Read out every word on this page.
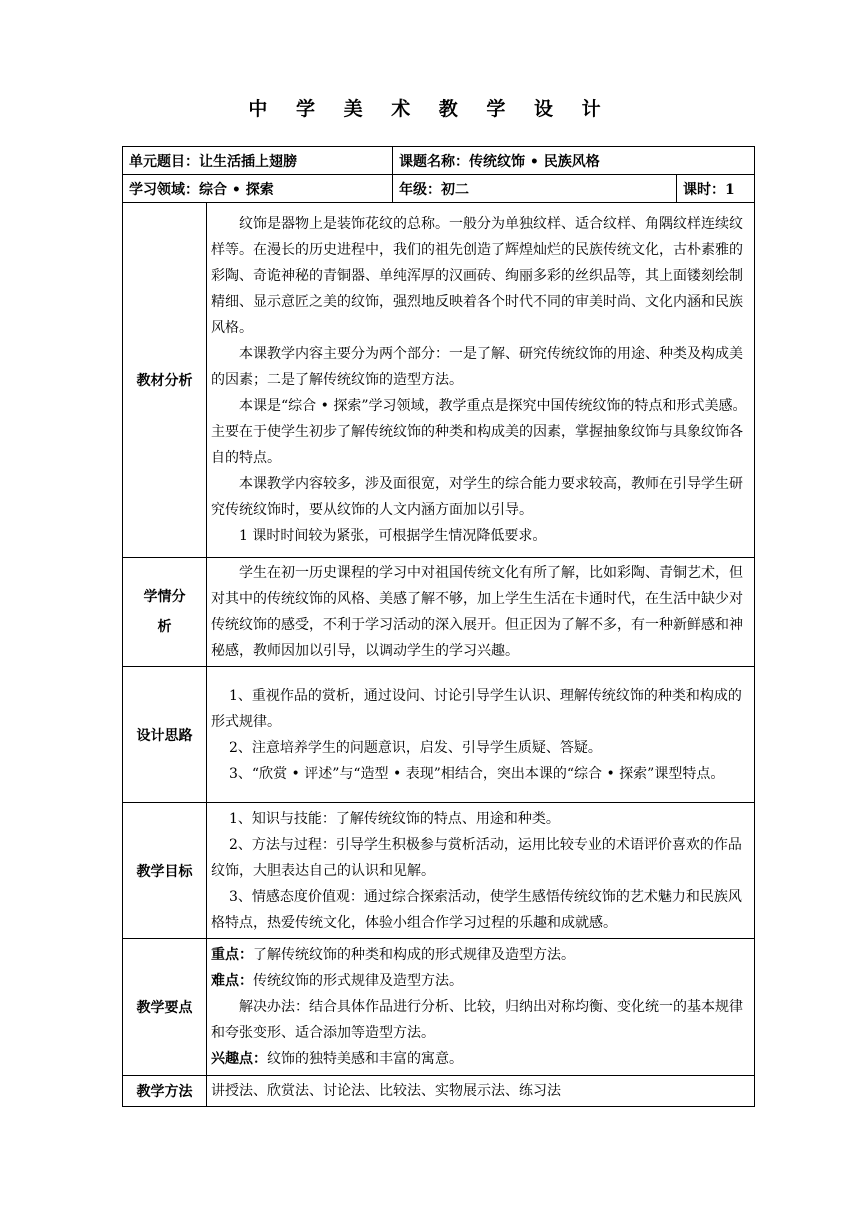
中 学 美 术 教 学 设 计
单元题目：让生活插上翅膀		课题名称：传统纹饰 • 民族风格	
学习领域：综合 • 探索		年级：初二	课时：1
教材分析	纹饰是器物上是装饰花纹的总称。一般分为单独纹样、适合纹样、角隅纹样连续纹样等。在漫长的历史进程中，我们的祖先创造了辉煌灿烂的民族传统文化，古朴素雅的彩陶、奇诡神秘的青铜器、单纯浑厚的汉画砖、绚丽多彩的丝织品等，其上面镂刻绘制精细、显示意匠之美的纹饰，强烈地反映着各个时代不同的审美时尚、文化内涵和民族风格。

本课教学内容主要分为两个部分：一是了解、研究传统纹饰的用途、种类及构成美的因素；二是了解传统纹饰的造型方法。

本课是“综合 • 探索”学习领域，教学重点是探究中国传统纹饰的特点和形式美感。主要在于使学生初步了解传统纹饰的种类和构成美的因素，掌握抽象纹饰与具象纹饰各自的特点。

本课教学内容较多，涉及面很宽，对学生的综合能力要求较高，教师在引导学生研究传统纹饰时，要从纹饰的人文内涵方面加以引导。

1 课时时间较为紧张，可根据学生情况降低要求。		

学情分
析	学生在初一历史课程的学习中对祖国传统文化有所了解，比如彩陶、青铜艺术，但对其中的传统纹饰的风格、美感了解不够，加上学生生活在卡通时代，在生活中缺少对传统纹饰的感受，不利于学习活动的深入展开。但正因为了解不多，有一种新鲜感和神秘感，教师因加以引导，以调动学生的学习兴趣。		

设计思路	1、重视作品的赏析，通过设问、讨论引导学生认识、理解传统纹饰的种类和构成的形式规律。

2、注意培养学生的问题意识，启发、引导学生质疑、答疑。

3、“欣赏 • 评述”与“造型 • 表现”相结合，突出本课的“综合 • 探索”课型特点。		

教学目标	1、知识与技能：了解传统纹饰的特点、用途和种类。

2、方法与过程：引导学生积极参与赏析活动，运用比较专业的术语评价喜欢的作品纹饰，大胆表达自己的认识和见解。

3、情感态度价值观：通过综合探索活动，使学生感悟传统纹饰的艺术魅力和民族风格特点，热爱传统文化，体验小组合作学习过程的乐趣和成就感。		

教学要点	重点：了解传统纹饰的种类和构成的形式规律及造型方法。

难点：传统纹饰的形式规律及造型方法。

解决办法：结合具体作品进行分析、比较，归纳出对称均衡、变化统一的基本规律和夸张变形、适合添加等造型方法。

兴趣点：纹饰的独特美感和丰富的寓意。		

教学方法	讲授法、欣赏法、讨论法、比较法、实物展示法、练习法		
